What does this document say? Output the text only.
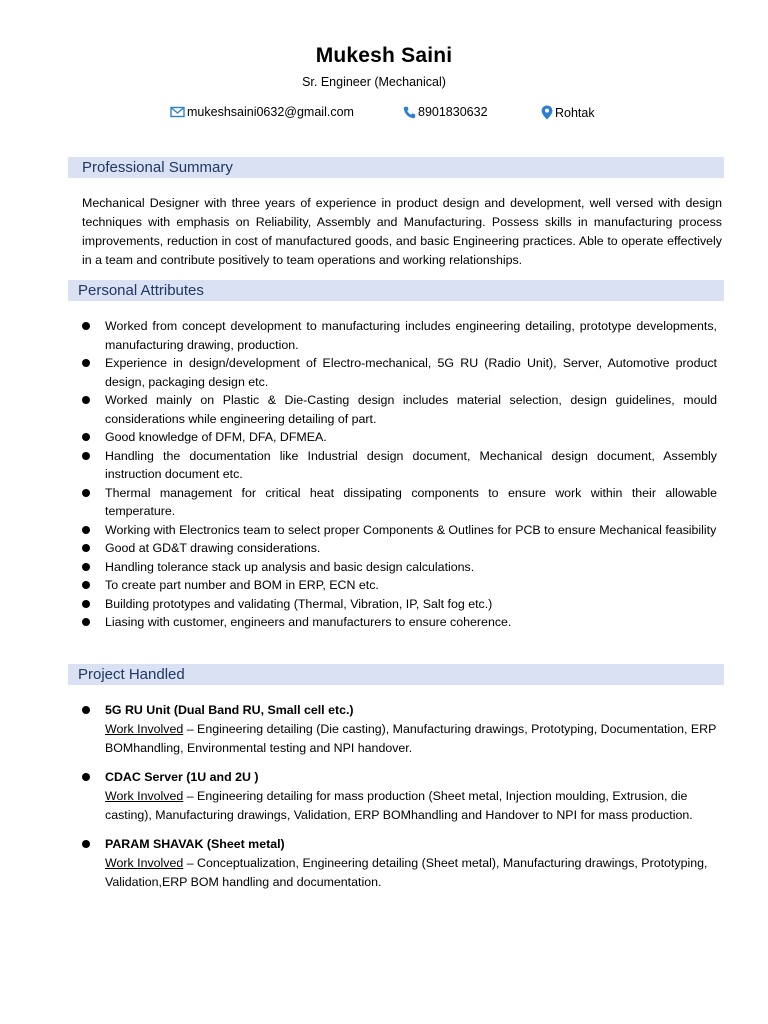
Mukesh Saini
Sr. Engineer (Mechanical)
mukeshsaini0632@gmail.com	8901830632	Rohtak
Professional Summary

Mechanical Designer with three years of experience in product design and development, well versed with design techniques with emphasis on Reliability, Assembly and Manufacturing. Possess skills in manufacturing process improvements, reduction in cost of manufactured goods, and basic Engineering practices. Able to operate effectively in a team and contribute positively to team operations and working relationships.

Personal Attributes
Worked from concept development to manufacturing includes engineering detailing, prototype developments, manufacturing drawing, production.
Experience in design/development of Electro-mechanical, 5G RU (Radio Unit), Server, Automotive product design, packaging design etc.
Worked mainly on Plastic & Die-Casting design includes material selection, design guidelines, mould considerations while engineering detailing of part.
Good knowledge of DFM, DFA, DFMEA.
Handling the documentation like Industrial design document, Mechanical design document, Assembly instruction document etc.
Thermal management for critical heat dissipating components to ensure work within their allowable temperature.
Working with Electronics team to select proper Components & Outlines for PCB to ensure Mechanical feasibility
Good at GD&T drawing considerations.
Handling tolerance stack up analysis and basic design calculations.
To create part number and BOM in ERP, ECN etc.
Building prototypes and validating (Thermal, Vibration, IP, Salt fog etc.)
Liasing with customer, engineers and manufacturers to ensure coherence.
Project Handled
5G RU Unit (Dual Band RU, Small cell etc.)
Work Involved – Engineering detailing (Die casting), Manufacturing drawings, Prototyping, Documentation, ERP BOMhandling, Environmental testing and NPI handover.
CDAC Server (1U and 2U )
Work Involved – Engineering detailing for mass production (Sheet metal, Injection moulding, Extrusion, die casting), Manufacturing drawings, Validation, ERP BOMhandling and Handover to NPI for mass production.
PARAM SHAVAK (Sheet metal)
Work Involved – Conceptualization, Engineering detailing (Sheet metal), Manufacturing drawings, Prototyping, Validation,ERP BOM handling and documentation.
